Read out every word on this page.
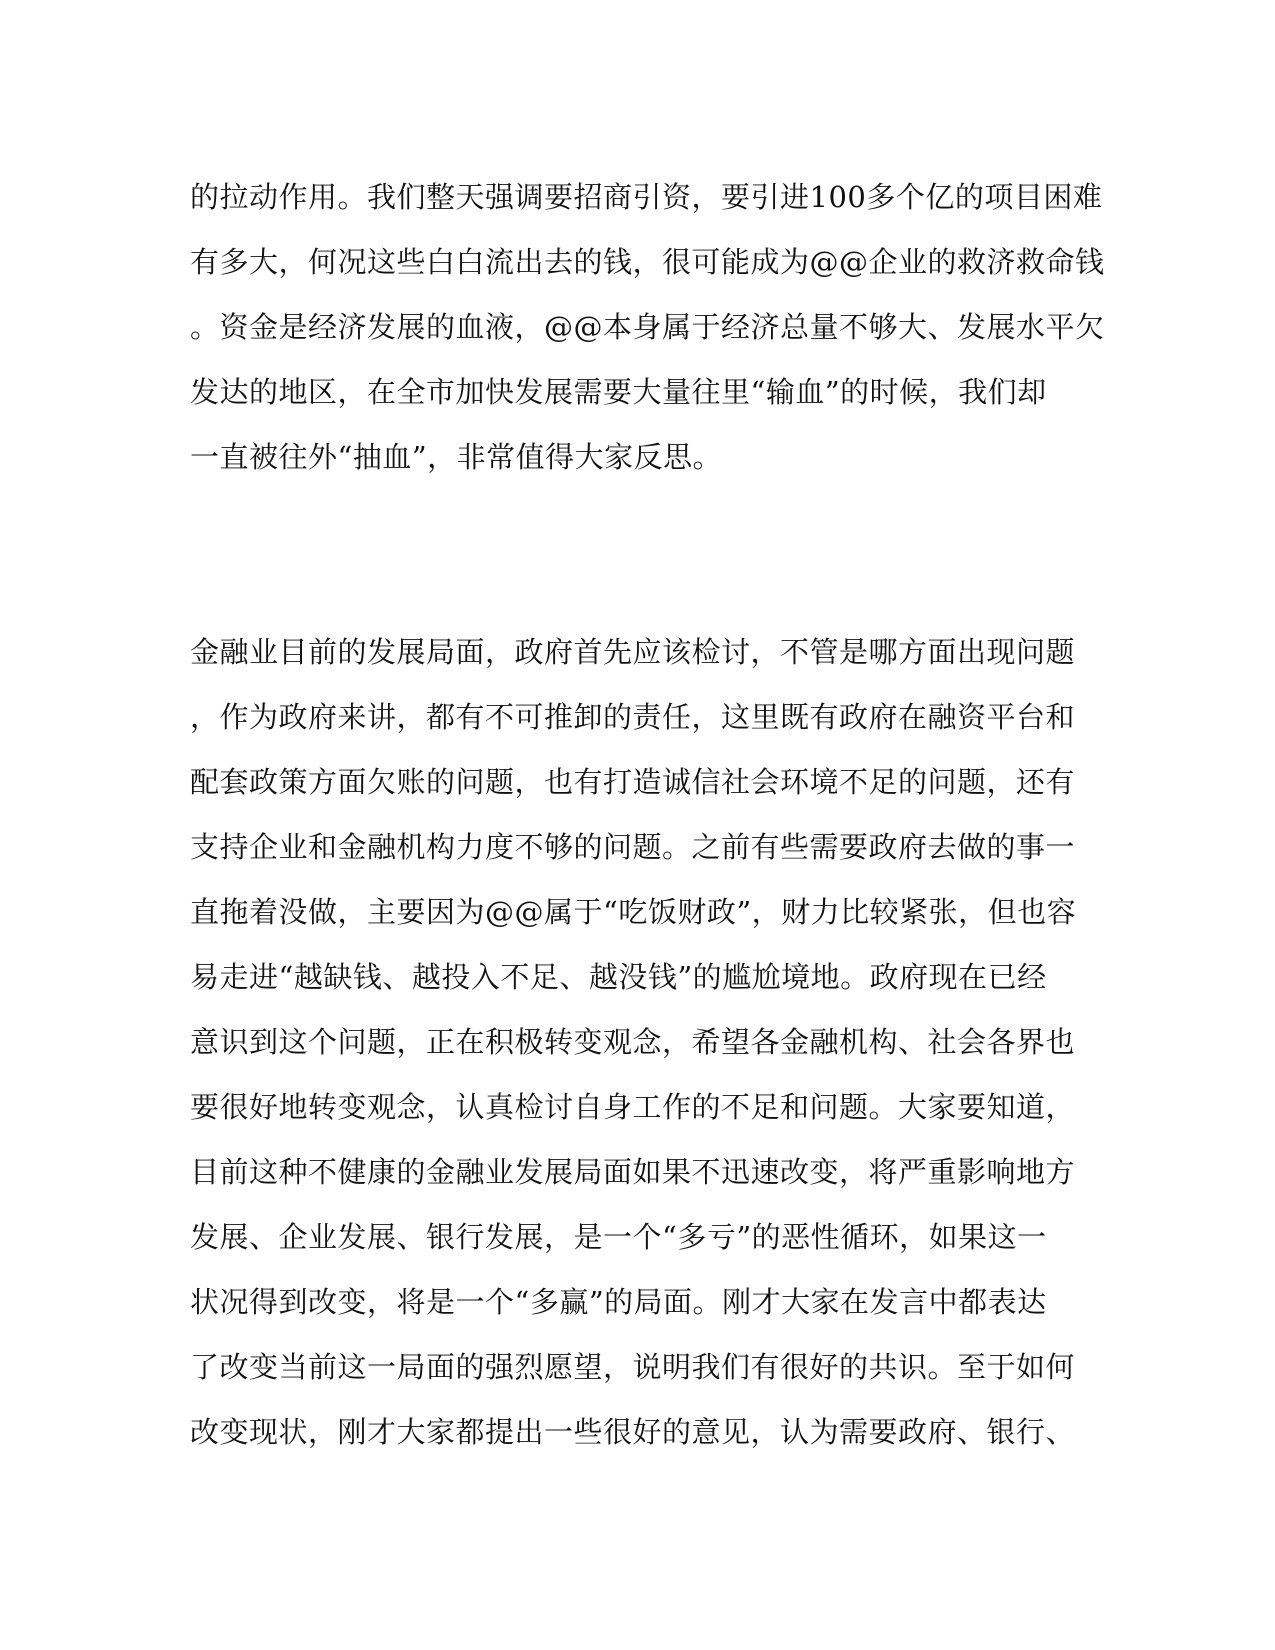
的拉动作用。我们整天强调要招商引资，要引进100多个亿的项目困难
有多大，何况这些白白流出去的钱，很可能成为@@企业的救济救命钱
。资金是经济发展的血液，@@本身属于经济总量不够大、发展水平欠
发达的地区，在全市加快发展需要大量往里“输血”的时候，我们却
一直被往外“抽血”，非常值得大家反思。
金融业目前的发展局面，政府首先应该检讨，不管是哪方面出现问题
，作为政府来讲，都有不可推卸的责任，这里既有政府在融资平台和
配套政策方面欠账的问题，也有打造诚信社会环境不足的问题，还有
支持企业和金融机构力度不够的问题。之前有些需要政府去做的事一
直拖着没做，主要因为@@属于“吃饭财政”，财力比较紧张，但也容
易走进“越缺钱、越投入不足、越没钱”的尴尬境地。政府现在已经
意识到这个问题，正在积极转变观念，希望各金融机构、社会各界也
要很好地转变观念，认真检讨自身工作的不足和问题。大家要知道，
目前这种不健康的金融业发展局面如果不迅速改变，将严重影响地方
发展、企业发展、银行发展，是一个“多亏”的恶性循环，如果这一
状况得到改变，将是一个“多赢”的局面。刚才大家在发言中都表达
了改变当前这一局面的强烈愿望，说明我们有很好的共识。至于如何
改变现状，刚才大家都提出一些很好的意见，认为需要政府、银行、
